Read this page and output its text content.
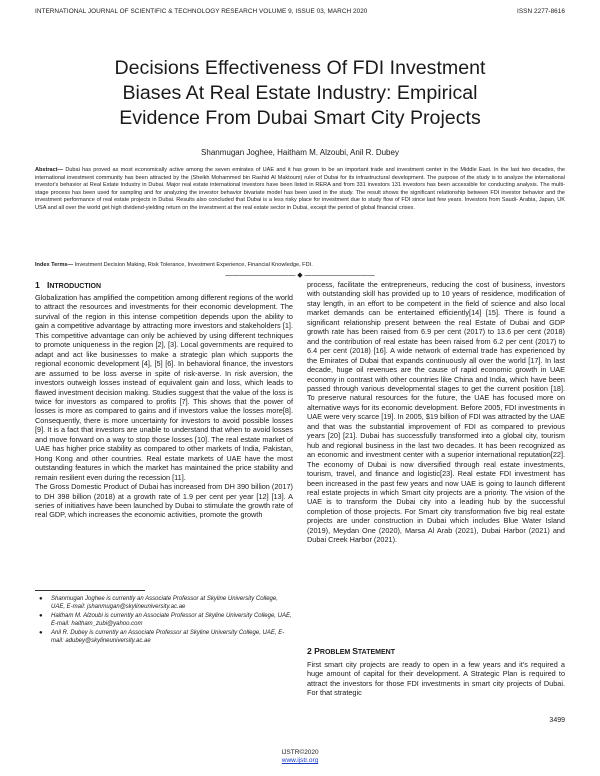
INTERNATIONAL JOURNAL OF SCIENTIFIC & TECHNOLOGY RESEARCH VOLUME 9, ISSUE 03, MARCH 2020	ISSN 2277-8616
Decisions Effectiveness Of FDI Investment
Biases At Real Estate Industry: Empirical
Evidence From Dubai Smart City Projects
Shanmugan Joghee, Haitham M. Alzoubi, Anil R. Dubey

Abstract— Dubai has proved as most economically active among the seven emirates of UAE and it has grown to be an important trade and investment center in the Middle East. In the last two decades, the international investment community has been attracted by the (Sheikh Mohammed bin Rashid Al Maktoum) ruler of Dubai for its infrastructural development. The purpose of the study is to analyze the international investor's behavior at Real Estate Industry in Dubai. Major real estate international investors have been listed in RERA and from 331 investors 131 investors has been accessible for conducting analysis. The multi-stage process has been used for sampling and for analyzing the investor behavior bivariate model has been used in the study. The result shows the significant relationship between FDI investor behavior and the investment performance of real estate projects in Dubai. Results also concluded that Dubai is a less risky place for investment due to study flow of FDI since last few years. Investors from Saudi- Arabia, Japan, UK USA and all over the world get high dividend-yielding return on the investment at the real estate sector in Dubai, except the period of global financial crises.

Index Terms— Investment Decision Making, Risk Tolerance, Investment Experience, Financial Knowledge, FDI.

—————————— ◆ ——————————
1 INTRODUCTION

Globalization has amplified the competition among different regions of the world to attract the resources and investments for their economic development. The survival of the region in this intense competition depends upon the ability to gain a competitive advantage by attracting more investors and stakeholders [1]. This competitive advantage can only be achieved by using different techniques to promote uniqueness in the region [2], [3]. Local governments are required to adapt and act like businesses to make a strategic plan which supports the regional economic development [4], [5] [6]. In behavioral finance, the investors are assumed to be loss averse in spite of risk-averse. In risk aversion, the investors outweigh losses instead of equivalent gain and loss, which leads to flawed investment decision making. Studies suggest that the value of the loss is twice for investors as compared to profits [7]. This shows that the power of losses is more as compared to gains and if investors value the losses more[8]. Consequently, there is more uncertainty for investors to avoid possible losses [9]. It is a fact that investors are unable to understand that when to avoid losses and move forward on a way to stop those losses [10]. The real estate market of UAE has higher price stability as compared to other markets of India, Pakistan, Hong Kong and other countries. Real estate markets of UAE have the most outstanding features in which the market has maintained the price stability and remain resilient even during the recession [11].

The Gross Domestic Product of Dubai has increased from DH 390 billion (2017) to DH 398 billion (2018) at a growth rate of 1.9 per cent per year [12] [13]. A series of initiatives have been launched by Dubai to stimulate the growth rate of real GDP, which increases the economic activities, promote the growth

● Shanmugan Joghee is currently an Associate Professor at Skyline University College, UAE, E-mail: jshanmugan@skylineuniversity.ac.ae
● Haitham M. Alzoubi is currently an Associate Professor at Skyline University College, UAE, E-mail: haitham_zubi@yahoo.com
● Anil R. Dubey is currently an Associate Professor at Skyline University College, UAE, E-mail: adubey@skylineuniversity.ac.ae

process, facilitate the entrepreneurs, reducing the cost of business, investors with outstanding skill has provided up to 10 years of residence, modification of stay length, in an effort to be competent in the field of science and also local market demands can be entertained efficiently[14] [15]. There is found a significant relationship present between the real Estate of Dubai and GDP growth rate has been raised from 6.9 per cent (2017) to 13.6 per cent (2018) and the contribution of real estate has been raised from 6.2 per cent (2017) to 6.4 per cent (2018) [16]. A wide network of external trade has experienced by the Emirates of Dubai that expands continuously all over the world [17]. In last decade, huge oil revenues are the cause of rapid economic growth in UAE economy in contrast with other countries like China and India, which have been passed through various developmental stages to get the current position [18]. To preserve natural resources for the future, the UAE has focused more on alternative ways for its economic development. Before 2005, FDI investments in UAE were very scarce [19]. In 2005, $19 billion of FDI was attracted by the UAE and that was the substantial improvement of FDI as compared to previous years [20] [21]. Dubai has successfully transformed into a global city, tourism hub and regional business in the last two decades. It has been recognized as an economic and investment center with a superior international reputation[22]. The economy of Dubai is now diversified through real estate investments, tourism, travel, and finance and logistic[23]. Real estate FDI investment has been increased in the past few years and now UAE is going to launch different real estate projects in which Smart city projects are a priority. The vision of the UAE is to transform the Dubai city into a leading hub by the successful completion of those projects. For Smart city transformation five big real estate projects are under construction in Dubai which includes Blue Water Island (2019), Meydan One (2020), Marsa Al Arab (2021), Dubai Harbor (2021) and Dubai Creek Harbor (2021).

2 PROBLEM STATEMENT

First smart city projects are ready to open in a few years and it's required a huge amount of capital for their development. A Strategic Plan is required to attract the investors for those FDI investments in smart city projects of Dubai. For that strategic

3499
IJSTR©2020
www.ijstr.org
